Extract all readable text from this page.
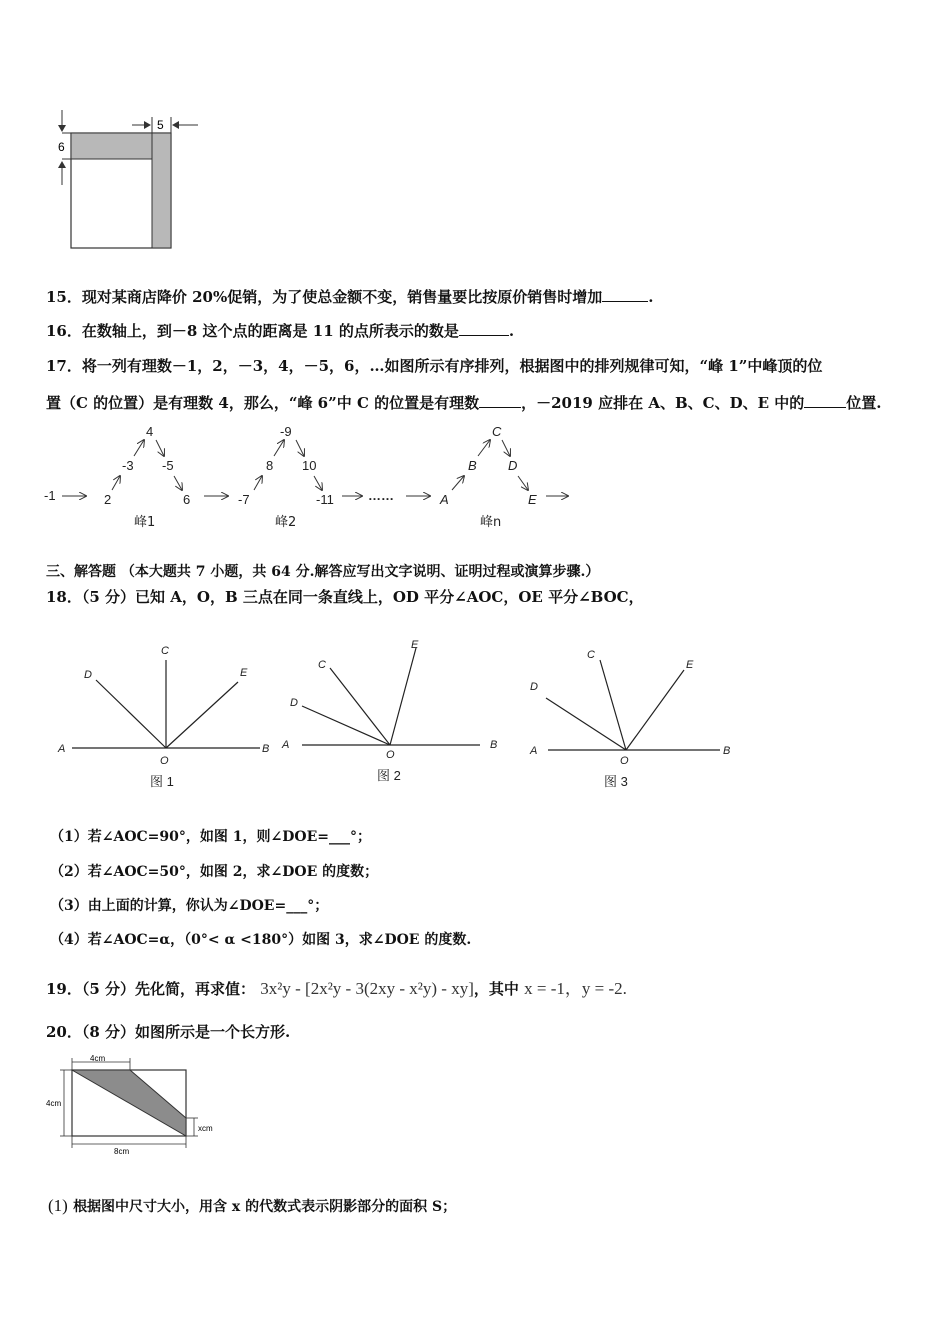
6
5
15．现对某商店降价 20%促销，为了使总金额不变，销售量要比按原价销售时增加	.
16．在数轴上，到－8 这个点的距离是 11 的点所表示的数是	.
17．将一列有理数－1，2，－3，4，－5，6，…如图所示有序排列，根据图中的排列规律可知，“峰 1”中峰顶的位
置（C 的位置）是有理数 4，那么，“峰 6”中 C 的位置是有理数	，－2019 应排在 A、B、C、D、E 中的	位置.
-1	2
-3
4
-5
6
峰1
-7
8
-9
10
-11
峰2
……	A
B
C
D
E
峰n
三、解答题 （本大题共 7 小题，共 64 分.解答应写出文字说明、证明过程或演算步骤.）
18．（5 分）已知 A，O，B 三点在同一条直线上，OD 平分∠AOC，OE 平分∠BOC，
A	B
C
D	E
O
A	B
C
D
E
O	A	B
C
D
E
O
图 1	图 2	图 3
（1）若∠AOC=90°，如图 1，则∠DOE=___°；
（2）若∠AOC=50°，如图 2，求∠DOE 的度数；
（3）由上面的计算，你认为∠DOE=___°；
（4）若∠AOC=α，（0°< α <180°）如图 3，求∠DOE 的度数.
19．（5 分）先化简，再求值： 3x²y - [2x²y - 3(2xy - x²y) - xy]，其中 x = -1，y = -2.
20．（8 分）如图所示是一个长方形.
4cm
4cm
8cm
xcm
(1) 根据图中尺寸大小，用含 x 的代数式表示阴影部分的面积 S；
